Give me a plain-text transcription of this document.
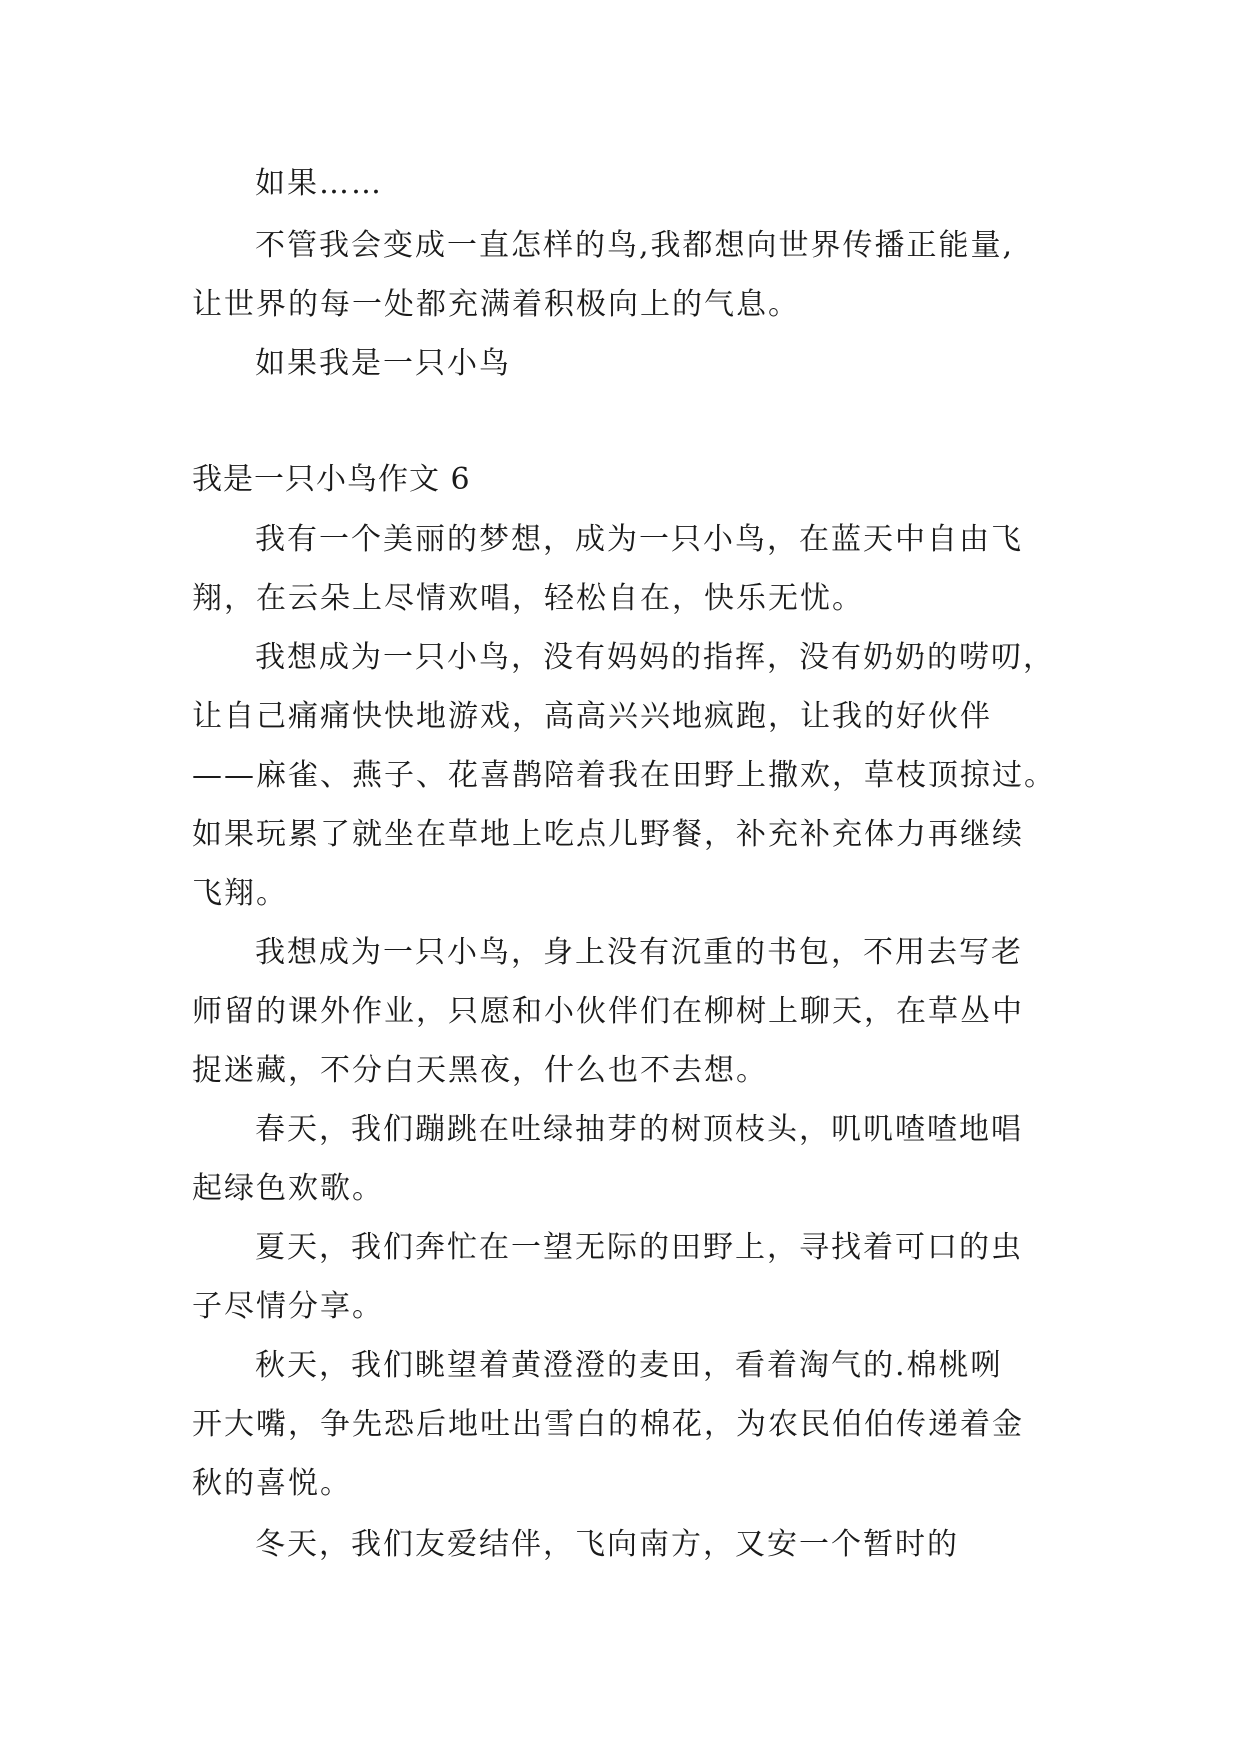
如果……

不管我会变成一直怎样的鸟,我都想向世界传播正能量,

让世界的每一处都充满着积极向上的气息。

如果我是一只小鸟

我是一只小鸟作文 6

我有一个美丽的梦想，成为一只小鸟，在蓝天中自由飞

翔，在云朵上尽情欢唱，轻松自在，快乐无忧。

我想成为一只小鸟，没有妈妈的指挥，没有奶奶的唠叨，

让自己痛痛快快地游戏，高高兴兴地疯跑，让我的好伙伴

——麻雀、燕子、花喜鹊陪着我在田野上撒欢，草枝顶掠过。

如果玩累了就坐在草地上吃点儿野餐，补充补充体力再继续

飞翔。

我想成为一只小鸟，身上没有沉重的书包，不用去写老

师留的课外作业，只愿和小伙伴们在柳树上聊天，在草丛中

捉迷藏，不分白天黑夜，什么也不去想。

春天，我们蹦跳在吐绿抽芽的树顶枝头，叽叽喳喳地唱

起绿色欢歌。

夏天，我们奔忙在一望无际的田野上，寻找着可口的虫

子尽情分享。

秋天，我们眺望着黄澄澄的麦田，看着淘气的.棉桃咧

开大嘴，争先恐后地吐出雪白的棉花，为农民伯伯传递着金

秋的喜悦。

冬天，我们友爱结伴，飞向南方，又安一个暂时的
